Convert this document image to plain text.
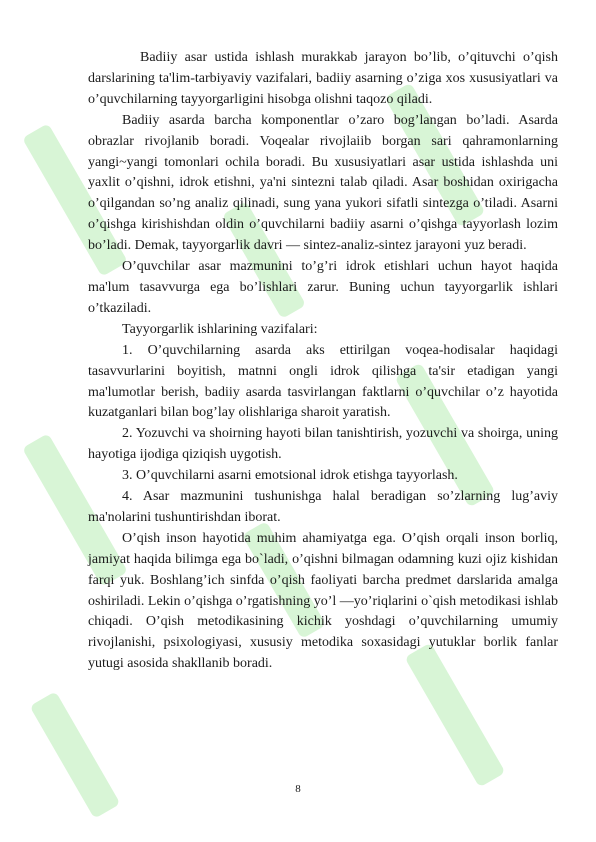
Badiiy asar ustida ishlash murakkab jarayon bo’lib, o’qituvchi o’qish darslarining ta'lim-tarbiyaviy vazifalari, badiiy asarning o’ziga xos xususiyatlari va o’quvchilarning tayyorgarligini hisobga olishni taqozo qiladi.

Badiiy asarda barcha komponentlar o’zaro bog’langan bo’ladi. Asarda obrazlar rivojlanib boradi. Voqealar rivojlaiib borgan sari qahramonlarning yangi~yangi tomonlari ochila boradi. Bu xususiyatlari asar ustida ishlashda uni yaxlit o’qishni, idrok etishni, ya'ni sintezni talab qiladi. Asar boshidan oxirigacha o’qilgandan so’ng analiz qilinadi, sung yana yukori sifatli sintezga o’tiladi. Asarni o’qishga kirishishdan oldin o’quvchilarni badiiy asarni o’qishga tayyorlash lozim bo’ladi. Demak, tayyorgarlik davri — sintez-analiz-sintez jarayoni yuz beradi.

O’quvchilar asar mazmunini to’g’ri idrok etishlari uchun hayot haqida ma'lum tasavvurga ega bo’lishlari zarur. Buning uchun tayyorgarlik ishlari o’tkaziladi.

Tayyorgarlik ishlarining vazifalari:

1. O’quvchilarning asarda aks ettirilgan voqea-hodisalar haqidagi tasavvurlarini boyitish, matnni ongli idrok qilishga ta'sir etadigan yangi ma'lumotlar berish, badiiy asarda tasvirlangan faktlarni o’quvchilar o’z hayotida kuzatganlari bilan bog’lay olishlariga sharoit yaratish.

2. Yozuvchi va shoirning hayoti bilan tanishtirish, yozuvchi va shoirga, uning hayotiga ijodiga qiziqish uygotish.

3. O’quvchilarni asarni emotsional idrok etishga tayyorlash.

4. Asar mazmunini tushunishga halal beradigan so’zlarning lug’aviy ma'nolarini tushuntirishdan iborat.

O’qish inson hayotida muhim ahamiyatga ega. O’qish orqali inson borliq, jamiyat haqida bilimga ega bo`ladi, o’qishni bilmagan odamning kuzi ojiz kishidan farqi yuk. Boshlang’ich sinfda o’qish faoliyati barcha predmet darslarida amalga oshiriladi. Lekin o’qishga o’rgatishning yo’l —yo’riqlarini o`qish metodikasi ishlab chiqadi. O’qish metodikasining kichik yoshdagi o’quvchilarning umumiy rivojlanishi, psixologiyasi, xususiy metodika soxasidagi yutuklar borlik fanlar yutugi asosida shakllanib boradi.

8
